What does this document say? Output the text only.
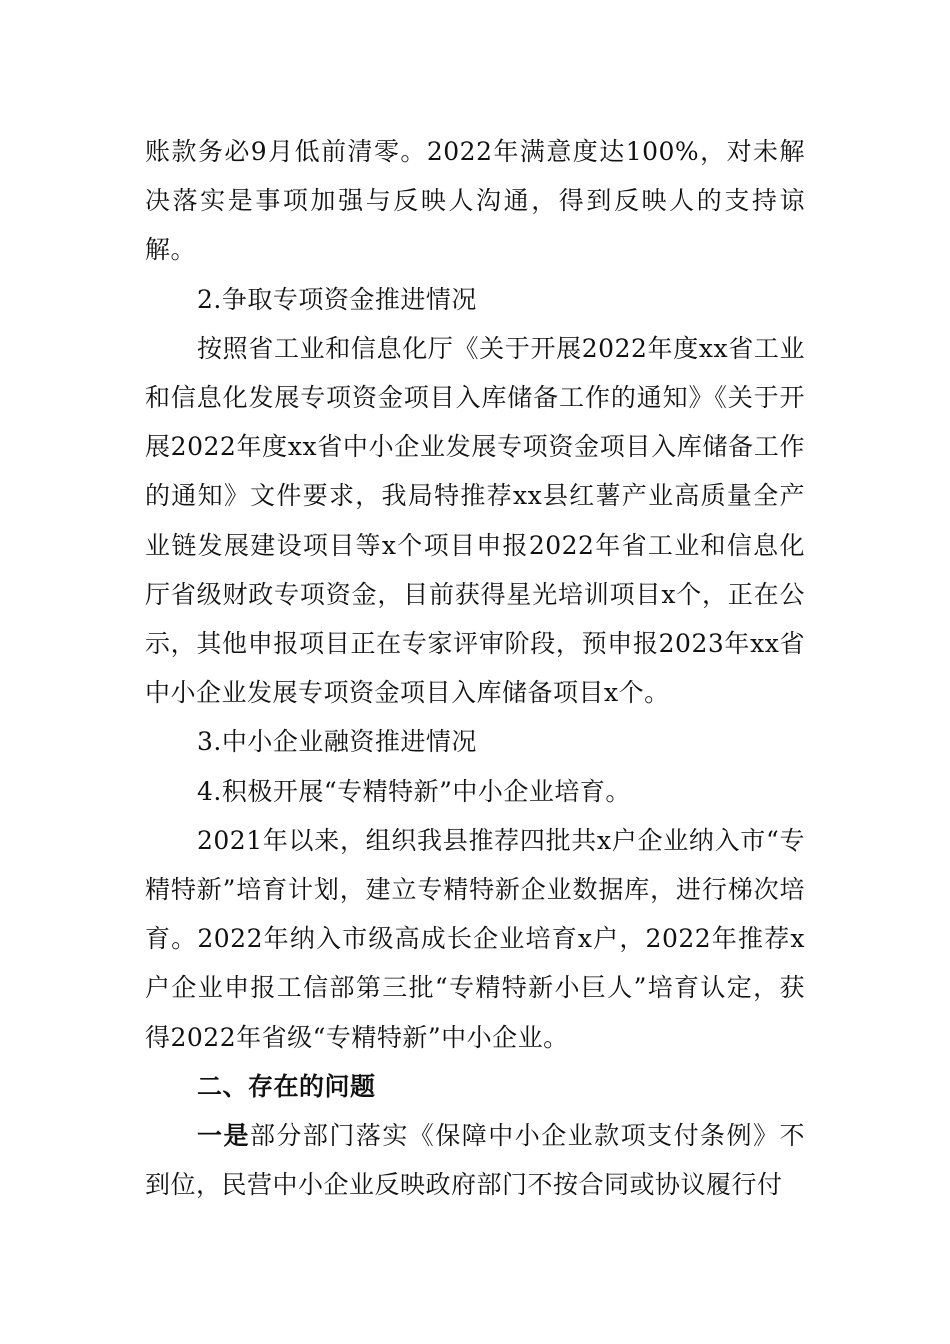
账款务必9月低前清零。2022年满意度达100%，对未解决落实是事项加强与反映人沟通，得到反映人的支持谅解。

2.争取专项资金推进情况

按照省工业和信息化厅《关于开展2022年度xx省工业和信息化发展专项资金项目入库储备工作的通知》《关于开展2022年度xx省中小企业发展专项资金项目入库储备工作的通知》文件要求，我局特推荐xx县红薯产业高质量全产业链发展建设项目等x个项目申报2022年省工业和信息化厅省级财政专项资金，目前获得星光培训项目x个，正在公示，其他申报项目正在专家评审阶段，预申报2023年xx省中小企业发展专项资金项目入库储备项目x个。

3.中小企业融资推进情况

4.积极开展“专精特新”中小企业培育。

2021年以来，组织我县推荐四批共x户企业纳入市“专精特新”培育计划，建立专精特新企业数据库，进行梯次培育。2022年纳入市级高成长企业培育x户，2022年推荐x户企业申报工信部第三批“专精特新小巨人”培育认定，获得2022年省级“专精特新”中小企业。

二、存在的问题

一是部分部门落实《保障中小企业款项支付条例》不到位，民营中小企业反映政府部门不按合同或协议履行付
